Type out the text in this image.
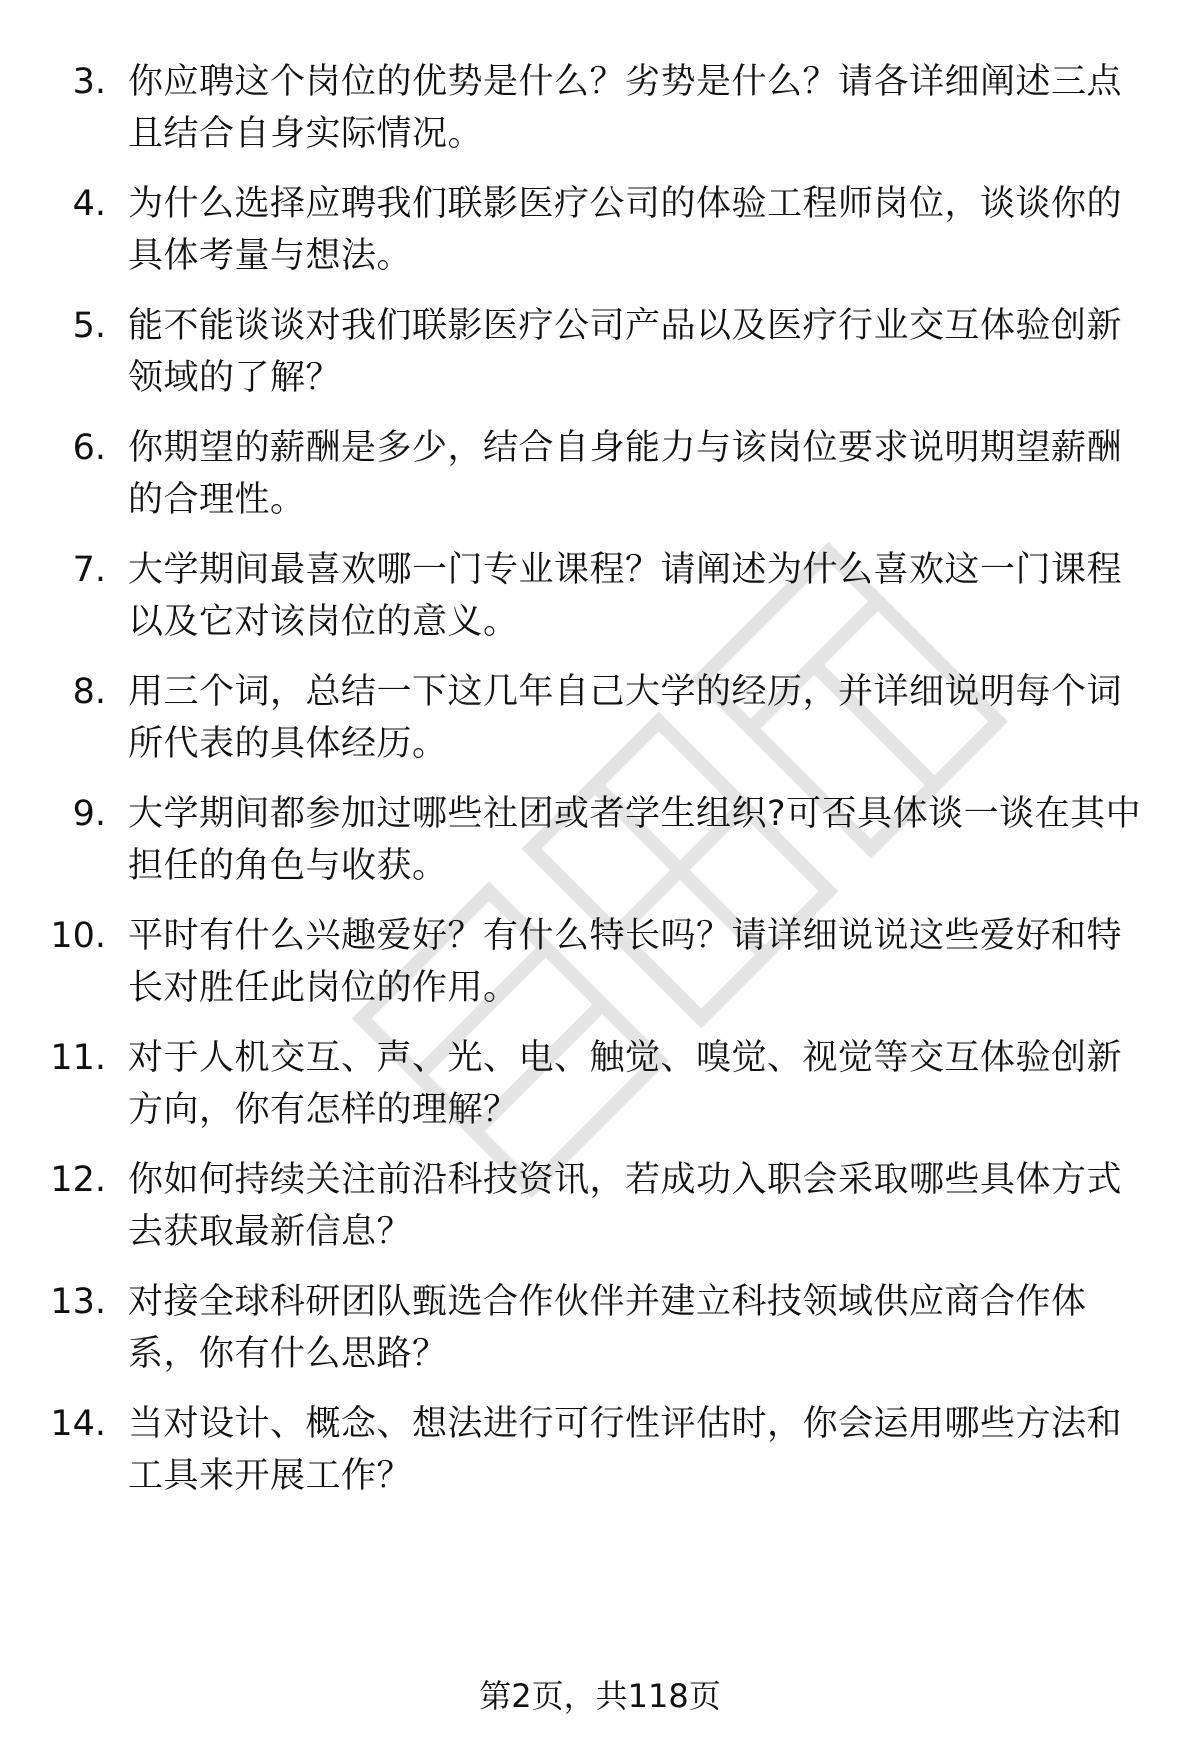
3. 你应聘这个岗位的优势是什么？劣势是什么？请各详细阐述三点且结合自身实际情况。
4. 为什么选择应聘我们联影医疗公司的体验工程师岗位，谈谈你的具体考量与想法。
5. 能不能谈谈对我们联影医疗公司产品以及医疗行业交互体验创新领域的了解？
6. 你期望的薪酬是多少，结合自身能力与该岗位要求说明期望薪酬的合理性。
7. 大学期间最喜欢哪一门专业课程？请阐述为什么喜欢这一门课程以及它对该岗位的意义。
8. 用三个词，总结一下这几年自己大学的经历，并详细说明每个词所代表的具体经历。
9. 大学期间都参加过哪些社团或者学生组织?可否具体谈一谈在其中担任的角色与收获。
10. 平时有什么兴趣爱好？有什么特长吗？请详细说说这些爱好和特长对胜任此岗位的作用。
11. 对于人机交互、声、光、电、触觉、嗅觉、视觉等交互体验创新方向，你有怎样的理解？
12. 你如何持续关注前沿科技资讯，若成功入职会采取哪些具体方式去获取最新信息？
13. 对接全球科研团队甄选合作伙伴并建立科技领域供应商合作体系，你有什么思路？
14. 当对设计、概念、想法进行可行性评估时，你会运用哪些方法和工具来开展工作？
第2页，共118页
